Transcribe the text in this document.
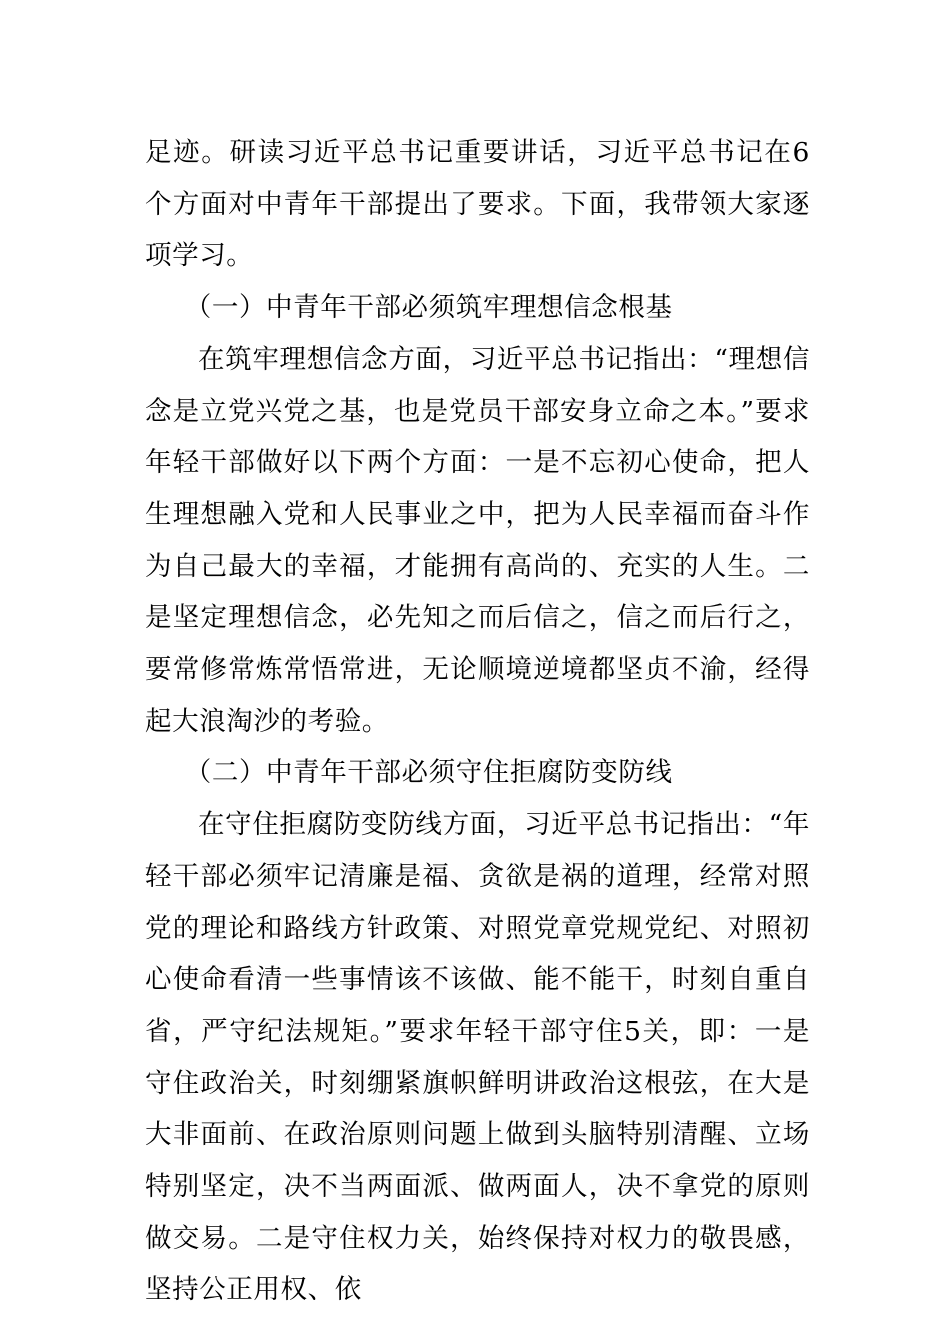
足迹。研读习近平总书记重要讲话，习近平总书记在6个方面对中青年干部提出了要求。下面，我带领大家逐项学习。

（一）中青年干部必须筑牢理想信念根基

在筑牢理想信念方面，习近平总书记指出：“理想信念是立党兴党之基，也是党员干部安身立命之本。”要求年轻干部做好以下两个方面：一是不忘初心使命，把人生理想融入党和人民事业之中，把为人民幸福而奋斗作为自己最大的幸福，才能拥有高尚的、充实的人生。二是坚定理想信念，必先知之而后信之，信之而后行之，要常修常炼常悟常进，无论顺境逆境都坚贞不渝，经得起大浪淘沙的考验。

（二）中青年干部必须守住拒腐防变防线

在守住拒腐防变防线方面，习近平总书记指出：“年轻干部必须牢记清廉是福、贪欲是祸的道理，经常对照党的理论和路线方针政策、对照党章党规党纪、对照初心使命看清一些事情该不该做、能不能干，时刻自重自省，严守纪法规矩。”要求年轻干部守住5关，即：一是守住政治关，时刻绷紧旗帜鲜明讲政治这根弦，在大是大非面前、在政治原则问题上做到头脑特别清醒、立场特别坚定，决不当两面派、做两面人，决不拿党的原则做交易。二是守住权力关，始终保持对权力的敬畏感，坚持公正用权、依
